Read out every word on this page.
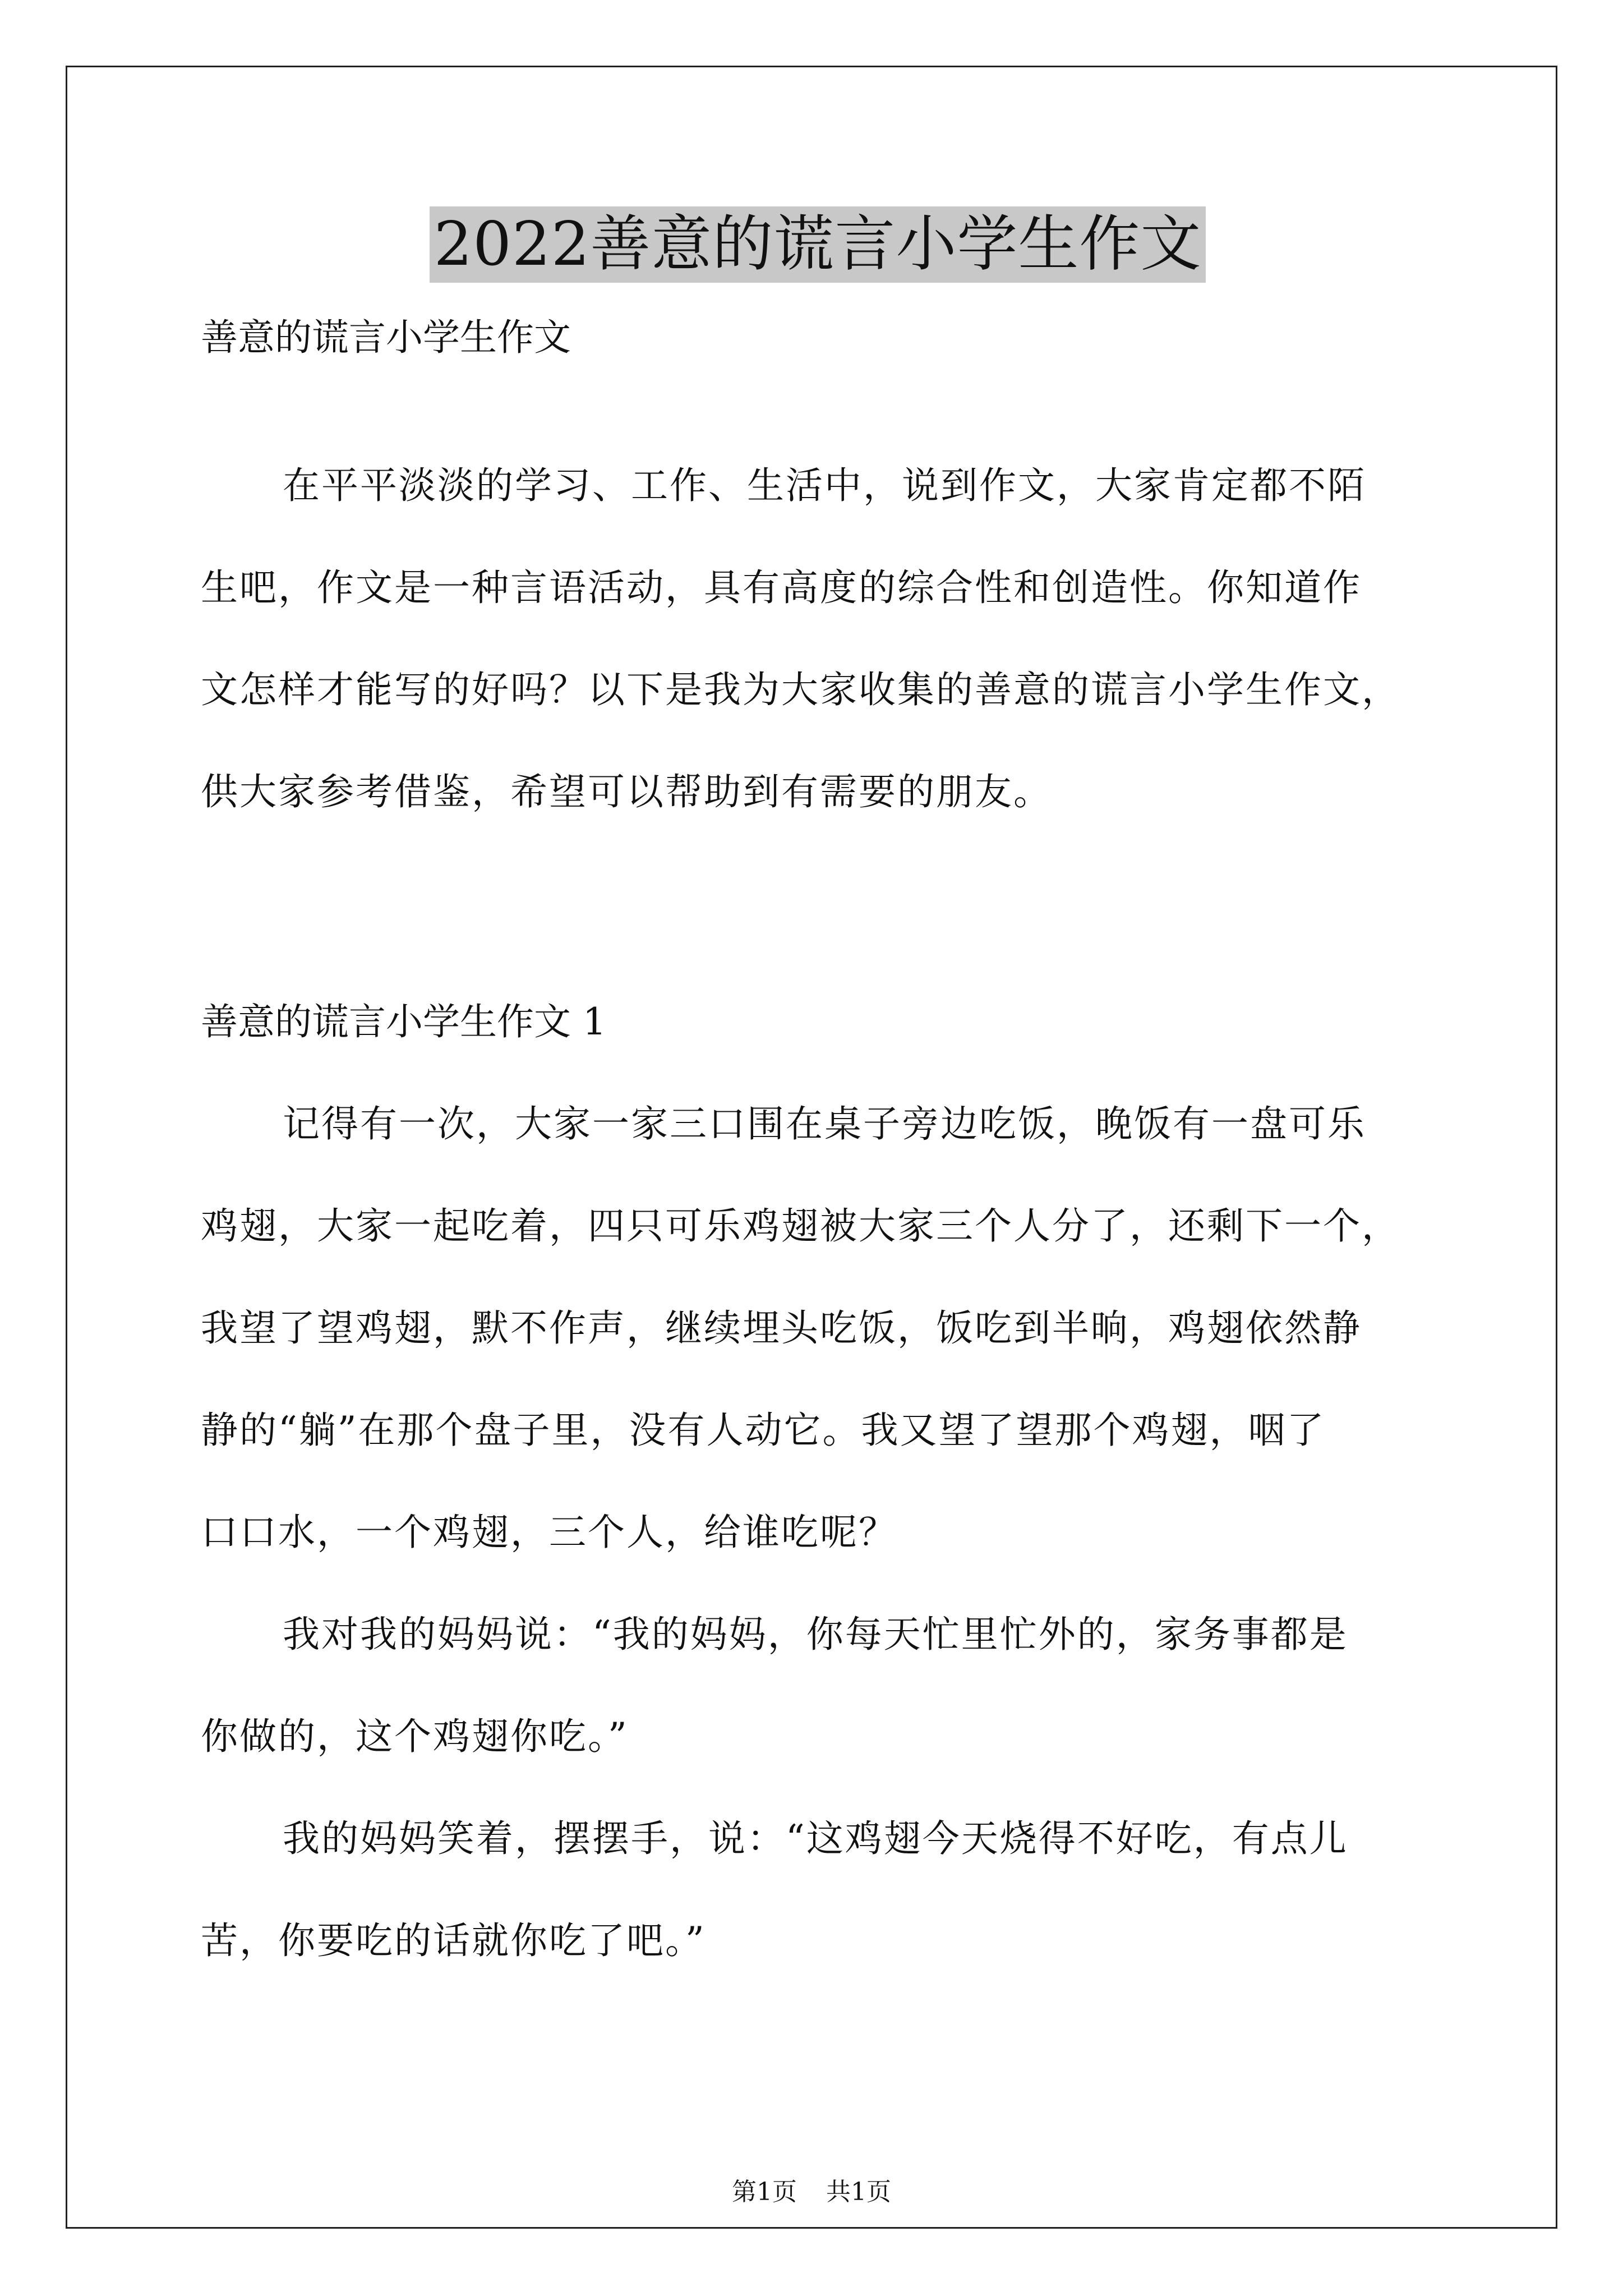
2022善意的谎言小学生作文
善意的谎言小学生作文
在平平淡淡的学习、工作、生活中，说到作文，大家肯定都不陌
生吧，作文是一种言语活动，具有高度的综合性和创造性。你知道作
文怎样才能写的好吗？以下是我为大家收集的善意的谎言小学生作文，
供大家参考借鉴，希望可以帮助到有需要的朋友。
善意的谎言小学生作文 1
记得有一次，大家一家三口围在桌子旁边吃饭，晚饭有一盘可乐
鸡翅，大家一起吃着，四只可乐鸡翅被大家三个人分了，还剩下一个，
我望了望鸡翅，默不作声，继续埋头吃饭，饭吃到半晌，鸡翅依然静
静的“躺”在那个盘子里，没有人动它。我又望了望那个鸡翅，咽了
口口水，一个鸡翅，三个人，给谁吃呢？
我对我的妈妈说：“我的妈妈，你每天忙里忙外的，家务事都是
你做的，这个鸡翅你吃。”
我的妈妈笑着，摆摆手，说：“这鸡翅今天烧得不好吃，有点儿
苦，你要吃的话就你吃了吧。”
第1页 共1页
